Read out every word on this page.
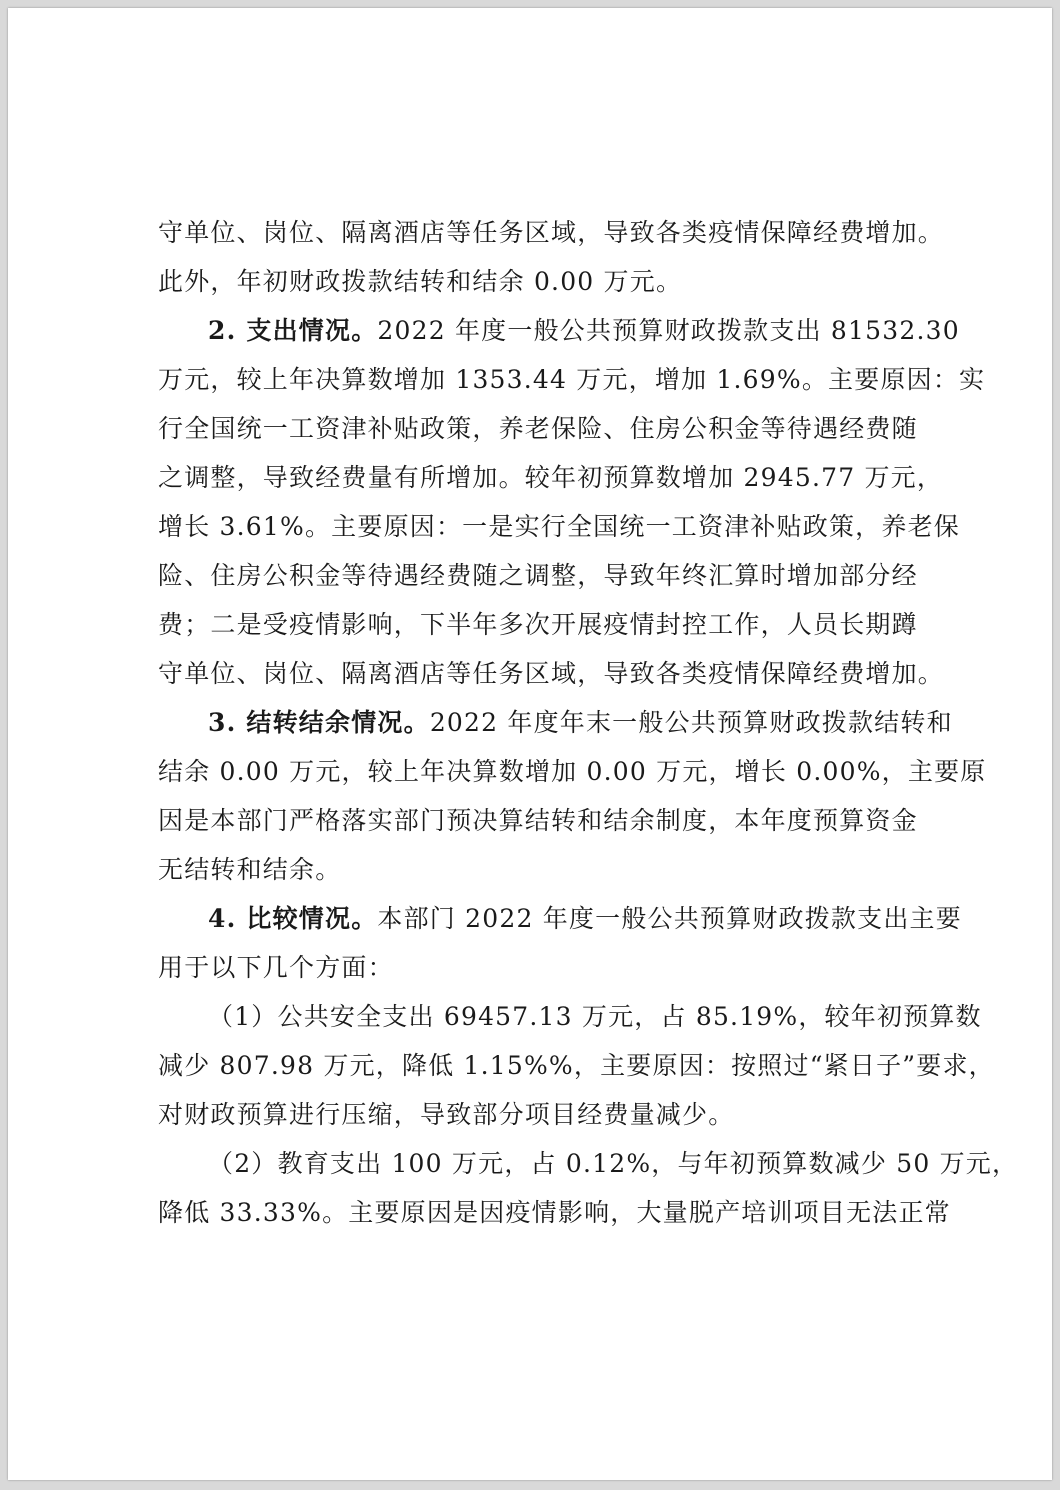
守单位、岗位、隔离酒店等任务区域，导致各类疫情保障经费增加。
此外，年初财政拨款结转和结余 0.00 万元。
2. 支出情况。2022 年度一般公共预算财政拨款支出 81532.30
万元，较上年决算数增加 1353.44 万元，增加 1.69%。主要原因：实
行全国统一工资津补贴政策，养老保险、住房公积金等待遇经费随
之调整，导致经费量有所增加。较年初预算数增加 2945.77 万元，
增长 3.61%。主要原因：一是实行全国统一工资津补贴政策，养老保
险、住房公积金等待遇经费随之调整，导致年终汇算时增加部分经
费；二是受疫情影响，下半年多次开展疫情封控工作，人员长期蹲
守单位、岗位、隔离酒店等任务区域，导致各类疫情保障经费增加。
3. 结转结余情况。2022 年度年末一般公共预算财政拨款结转和
结余 0.00 万元，较上年决算数增加 0.00 万元，增长 0.00%，主要原
因是本部门严格落实部门预决算结转和结余制度，本年度预算资金
无结转和结余。
4. 比较情况。本部门 2022 年度一般公共预算财政拨款支出主要
用于以下几个方面：
（1）公共安全支出 69457.13 万元，占 85.19%，较年初预算数
减少 807.98 万元，降低 1.15%%，主要原因：按照过“紧日子”要求，
对财政预算进行压缩，导致部分项目经费量减少。
（2）教育支出 100 万元，占 0.12%，与年初预算数减少 50 万元，
降低 33.33%。主要原因是因疫情影响，大量脱产培训项目无法正常
